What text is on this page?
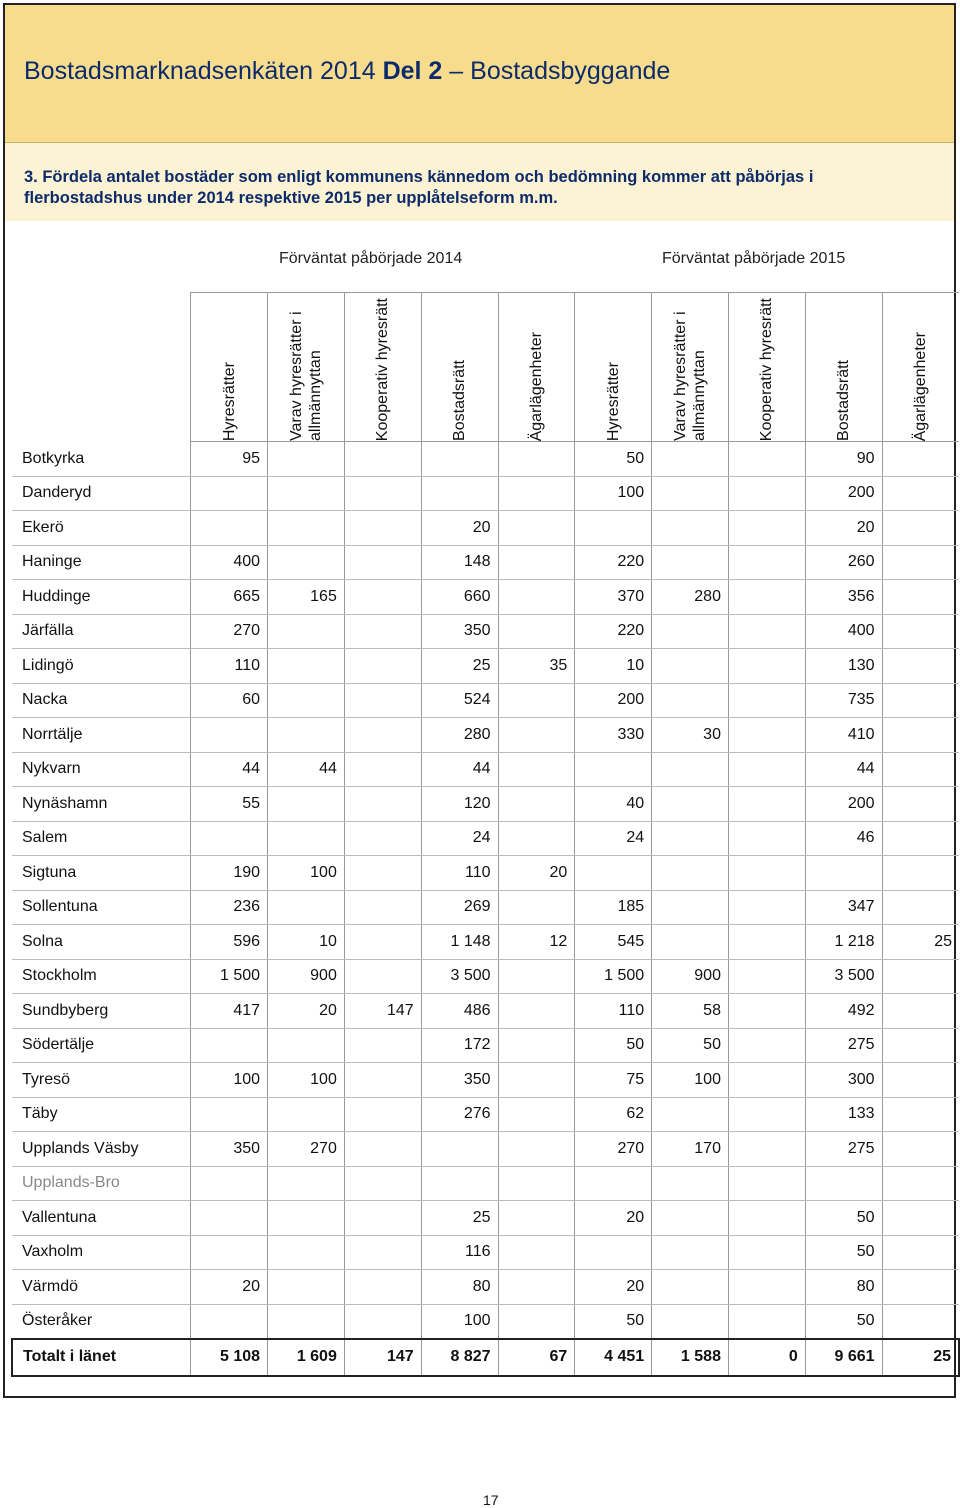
Bostadsmarknadsenkäten 2014 Del 2 – Bostadsbyggande
3. Fördela antalet bostäder som enligt kommunens kännedom och bedömning kommer att påbörjas i flerbostadshus under 2014 respektive 2015 per upplåtelseform m.m.
Förväntat påbörjade 2014	Förväntat påbörjade 2015

	Hyresrätter	Varav hyresrätter i allmännyttan	Kooperativ hyresrätt	Bostadsrätt	Ägarlägenheter	Hyresrätter	Varav hyresrätter i allmännyttan	Kooperativ hyresrätt	Bostadsrätt	Ägarlägenheter

Botkyrka	95					50			90	
Danderyd						100			200	
Ekerö				20					20	
Haninge	400			148		220			260	
Huddinge	665	165		660		370	280		356	
Järfälla	270			350		220			400	
Lidingö	110			25	35	10			130	
Nacka	60			524		200			735	
Norrtälje				280		330	30		410	
Nykvarn	44	44		44					44	
Nynäshamn	55			120		40			200	
Salem				24		24			46	
Sigtuna	190	100		110	20					
Sollentuna	236			269		185			347	
Solna	596	10		1 148	12	545			1 218	25
Stockholm	1 500	900		3 500		1 500	900		3 500	
Sundbyberg	417	20	147	486		110	58		492	
Södertälje				172		50	50		275	
Tyresö	100	100		350		75	100		300	
Täby				276		62			133	
Upplands Väsby	350	270				270	170		275	
Upplands-Bro										
Vallentuna				25		20			50	
Vaxholm				116					50	
Värmdö	20			80		20			80	
Österåker				100		50			50	
Totalt i länet	5 108	1 609	147	8 827	67	4 451	1 588	0	9 661	25
17
